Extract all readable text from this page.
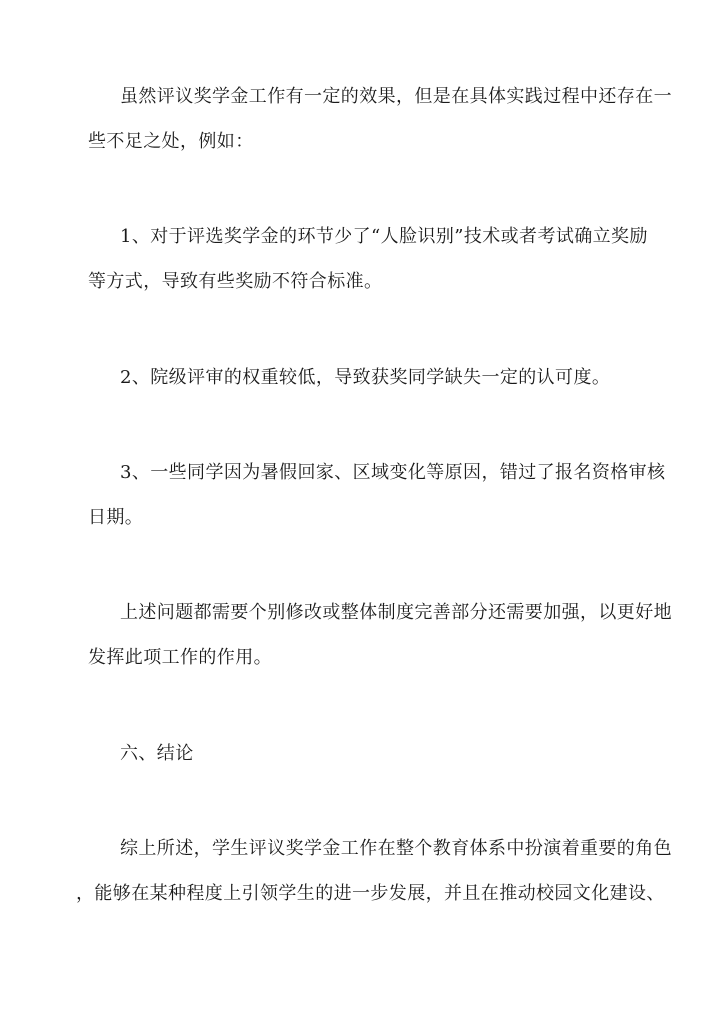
虽然评议奖学金工作有一定的效果，但是在具体实践过程中还存在一
些不足之处，例如：
1、对于评选奖学金的环节少了“人脸识别”技术或者考试确立奖励
等方式，导致有些奖励不符合标准。
2、院级评审的权重较低，导致获奖同学缺失一定的认可度。
3、一些同学因为暑假回家、区域变化等原因，错过了报名资格审核
日期。
上述问题都需要个别修改或整体制度完善部分还需要加强，以更好地
发挥此项工作的作用。
六、结论
综上所述，学生评议奖学金工作在整个教育体系中扮演着重要的角色
，能够在某种程度上引领学生的进一步发展，并且在推动校园文化建设、
